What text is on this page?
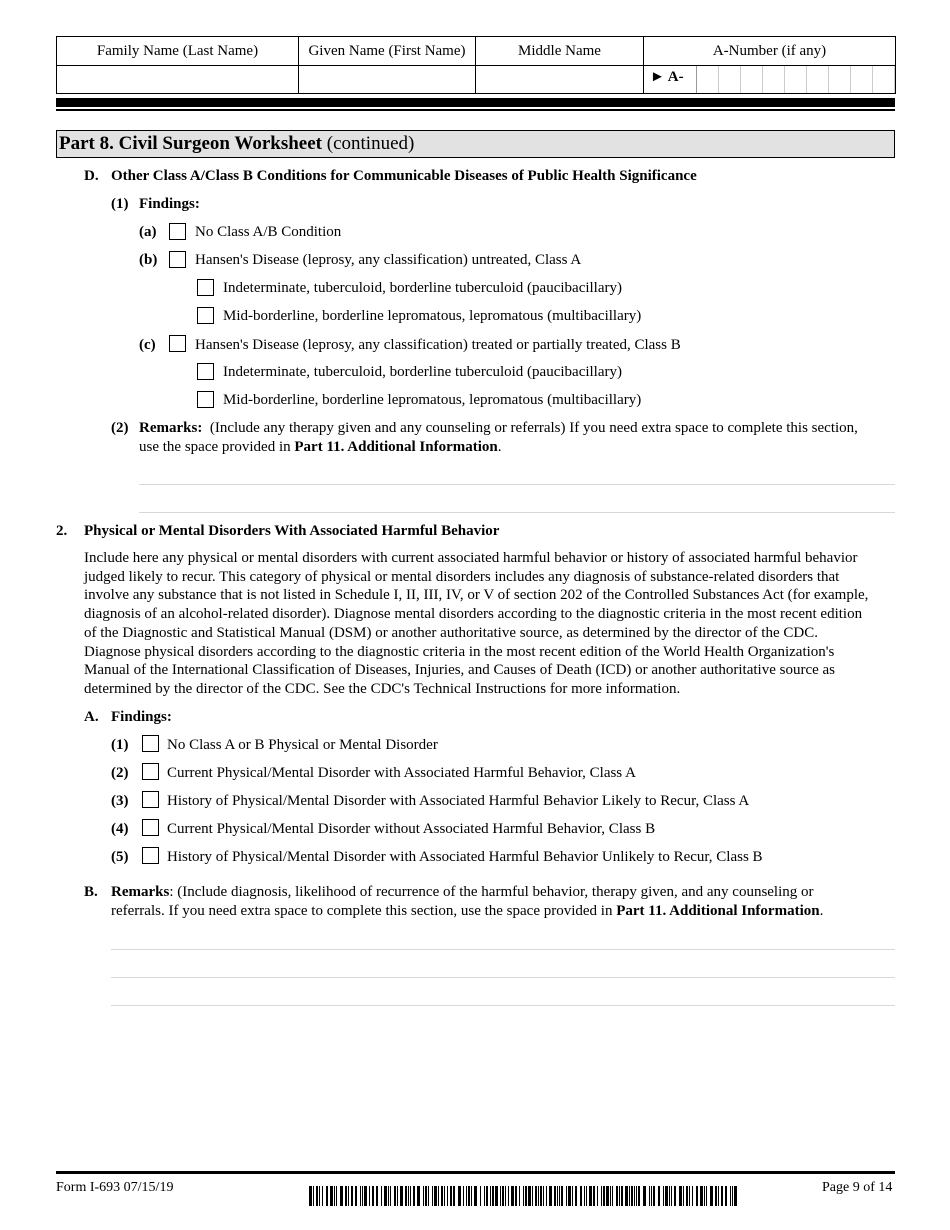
Family Name (Last Name)	Given Name (First Name)	Middle Name	A-Number (if any)

			► A-
Part 8. Civil Surgeon Worksheet (continued)
D. Other Class A/Class B Conditions for Communicable Diseases of Public Health Significance
(1) Findings:
(a)	No Class A/B Condition
(b)	Hansen's Disease (leprosy, any classification) untreated, Class A
Indeterminate, tuberculoid, borderline tuberculoid (paucibacillary)
Mid-borderline, borderline lepromatous, lepromatous (multibacillary)
(c)	Hansen's Disease (leprosy, any classification) treated or partially treated, Class B
Indeterminate, tuberculoid, borderline tuberculoid (paucibacillary)
Mid-borderline, borderline lepromatous, lepromatous (multibacillary)
(2) Remarks: (Include any therapy given and any counseling or referrals) If you need extra space to complete this section,
use the space provided in Part 11. Additional Information.
2. Physical or Mental Disorders With Associated Harmful Behavior
Include here any physical or mental disorders with current associated harmful behavior or history of associated harmful behavior
judged likely to recur. This category of physical or mental disorders includes any diagnosis of substance-related disorders that
involve any substance that is not listed in Schedule I, II, III, IV, or V of section 202 of the Controlled Substances Act (for example,
diagnosis of an alcohol-related disorder). Diagnose mental disorders according to the diagnostic criteria in the most recent edition
of the Diagnostic and Statistical Manual (DSM) or another authoritative source, as determined by the director of the CDC.
Diagnose physical disorders according to the diagnostic criteria in the most recent edition of the World Health Organization's
Manual of the International Classification of Diseases, Injuries, and Causes of Death (ICD) or another authoritative source as
determined by the director of the CDC. See the CDC's Technical Instructions for more information.
A. Findings:
(1)	No Class A or B Physical or Mental Disorder
(2)	Current Physical/Mental Disorder with Associated Harmful Behavior, Class A
(3)	History of Physical/Mental Disorder with Associated Harmful Behavior Likely to Recur, Class A
(4)	Current Physical/Mental Disorder without Associated Harmful Behavior, Class B
(5)	History of Physical/Mental Disorder with Associated Harmful Behavior Unlikely to Recur, Class B
B. Remarks: (Include diagnosis, likelihood of recurrence of the harmful behavior, therapy given, and any counseling or
referrals. If you need extra space to complete this section, use the space provided in Part 11. Additional Information.
Form I-693 07/15/19	Page 9 of 14
